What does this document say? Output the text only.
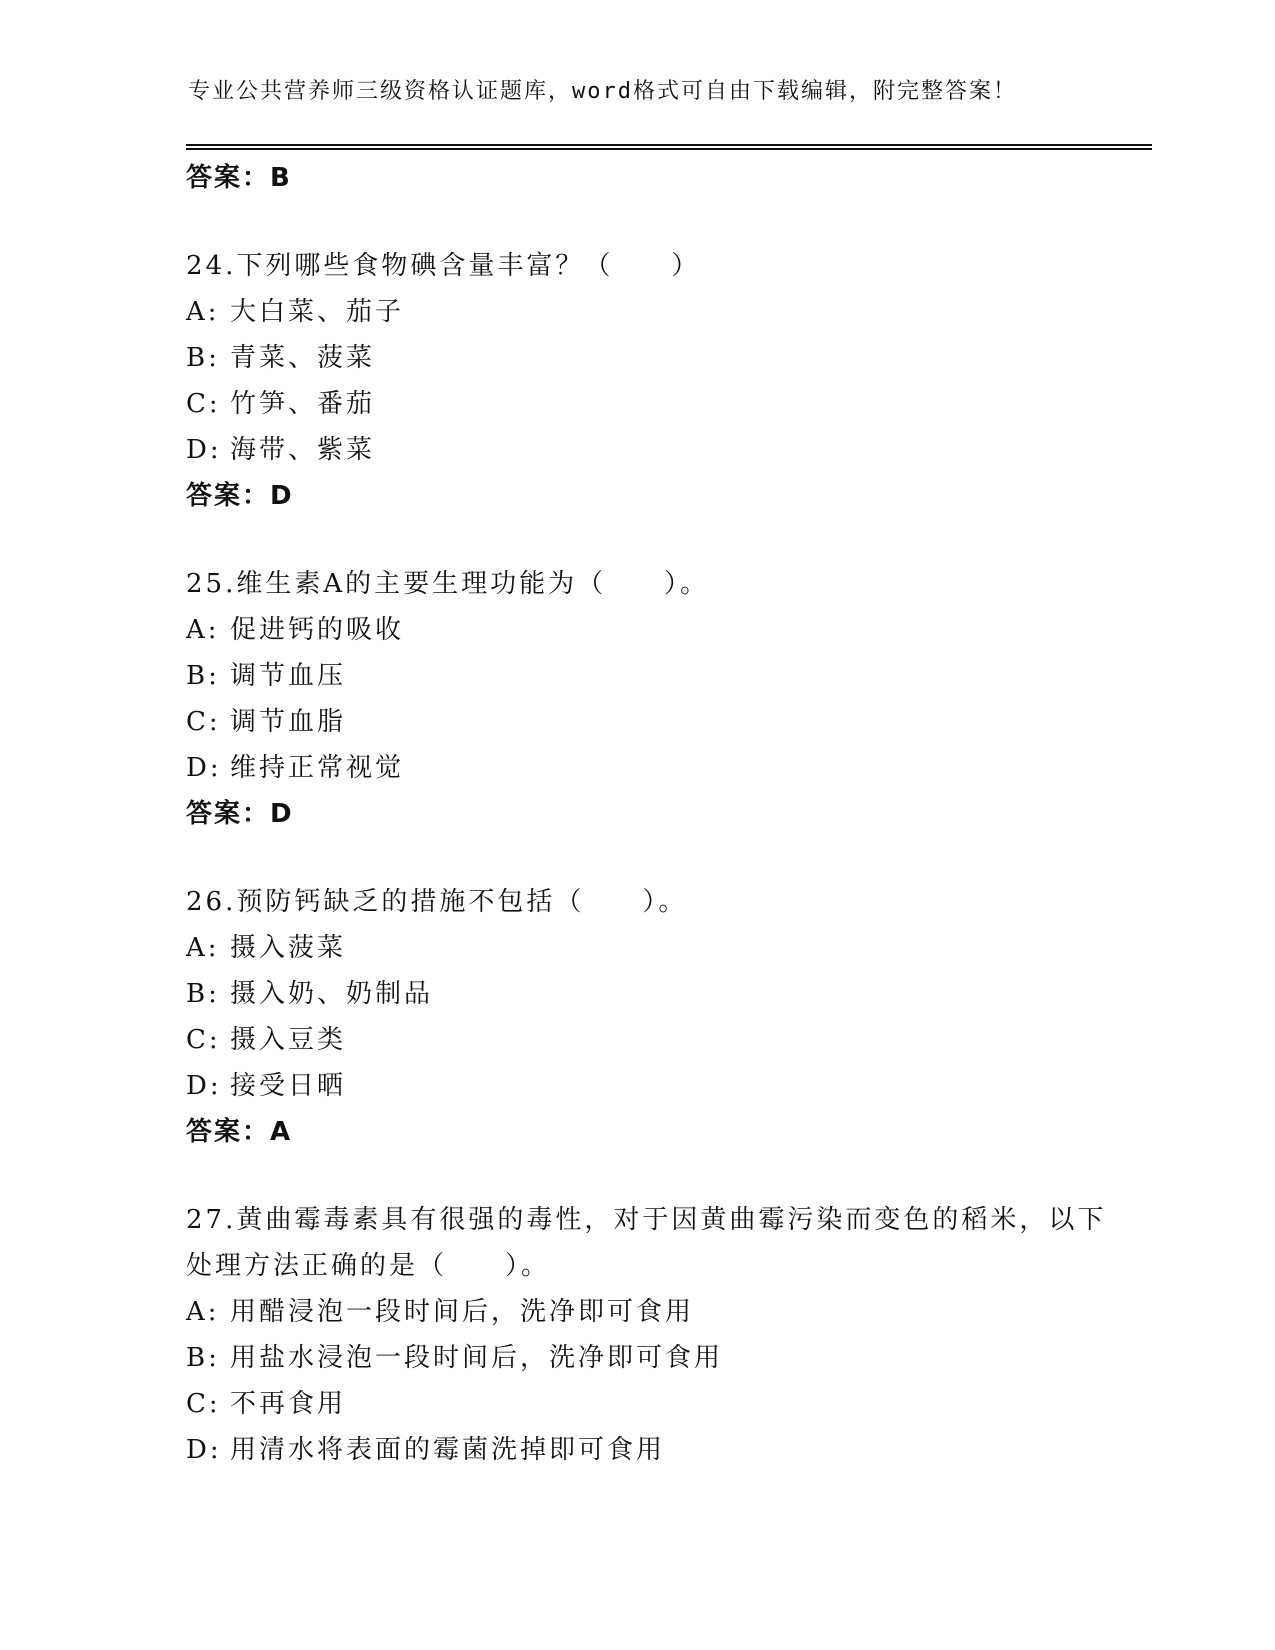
专业公共营养师三级资格认证题库，word格式可自由下载编辑，附完整答案！
答案：B
24.下列哪些食物碘含量丰富？（　　）
A: 大白菜、茄子
B: 青菜、菠菜
C: 竹笋、番茄
D: 海带、紫菜
答案：D
25.维生素A的主要生理功能为（　　）。
A: 促进钙的吸收
B: 调节血压
C: 调节血脂
D: 维持正常视觉
答案：D
26.预防钙缺乏的措施不包括（　　）。
A: 摄入菠菜
B: 摄入奶、奶制品
C: 摄入豆类
D: 接受日晒
答案：A
27.黄曲霉毒素具有很强的毒性，对于因黄曲霉污染而变色的稻米，以下处理方法正确的是（　　）。
A: 用醋浸泡一段时间后，洗净即可食用
B: 用盐水浸泡一段时间后，洗净即可食用
C: 不再食用
D: 用清水将表面的霉菌洗掉即可食用
